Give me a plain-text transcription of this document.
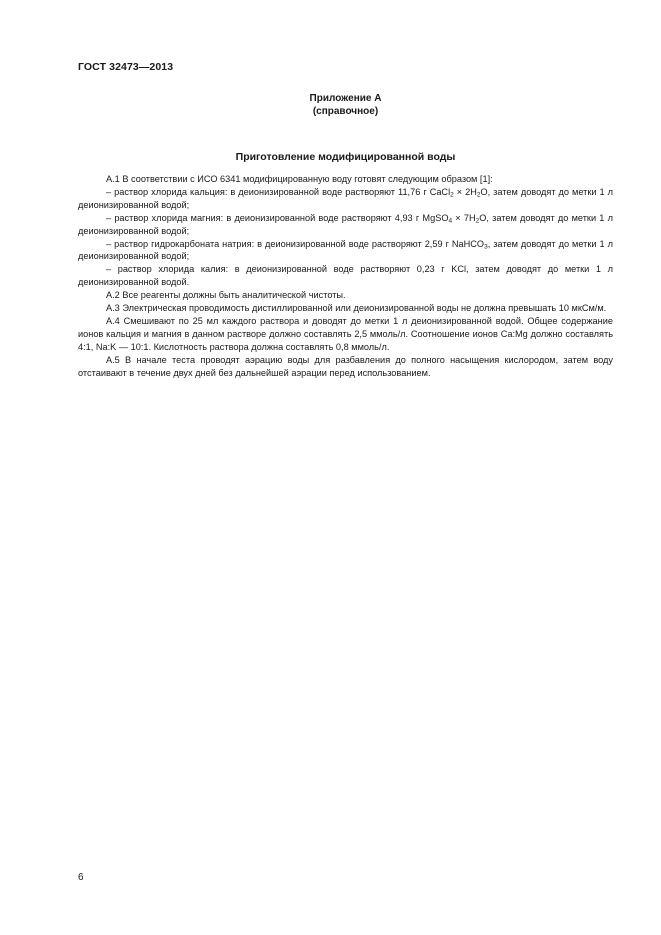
ГОСТ 32473—2013
Приложение А
(справочное)
Приготовление модифицированной воды

А.1 В соответствии с ИСО 6341 модифицированную воду готовят следующим образом [1]:

– раствор хлорида кальция: в деионизированной воде растворяют 11,76 г CaCl$_2$ × $2H_2O$, затем доводят до метки 1 л деионизированной водой;

– раствор хлорида магния: в деионизированной воде растворяют 4,93 г MgSO$_4$ × $7H_2O$, затем доводят до метки 1 л деионизированной водой;

– раствор гидрокарбоната натрия: в деионизированной воде растворяют 2,59 г NaHCO$_3$, затем доводят до метки 1 л деионизированной водой;

– раствор хлорида калия: в деионизированной воде растворяют 0,23 г KCl, затем доводят до метки 1 л деионизированной водой.

А.2 Все реагенты должны быть аналитической чистоты.

А.3 Электрическая проводимость дистиллированной или деионизированной воды не должна превышать 10 мкСм/м.

А.4 Смешивают по 25 мл каждого раствора и доводят до метки 1 л деионизированной водой. Общее содержание ионов кальция и магния в данном растворе должно составлять 2,5 ммоль/л. Соотношение ионов Ca:Mg должно составлять 4:1, Na:K — 10:1. Кислотность раствора должна составлять 0,8 ммоль/л.

А.5 В начале теста проводят аэрацию воды для разбавления до полного насыщения кислородом, затем воду отстаивают в течение двух дней без дальнейшей аэрации перед использованием.

6
